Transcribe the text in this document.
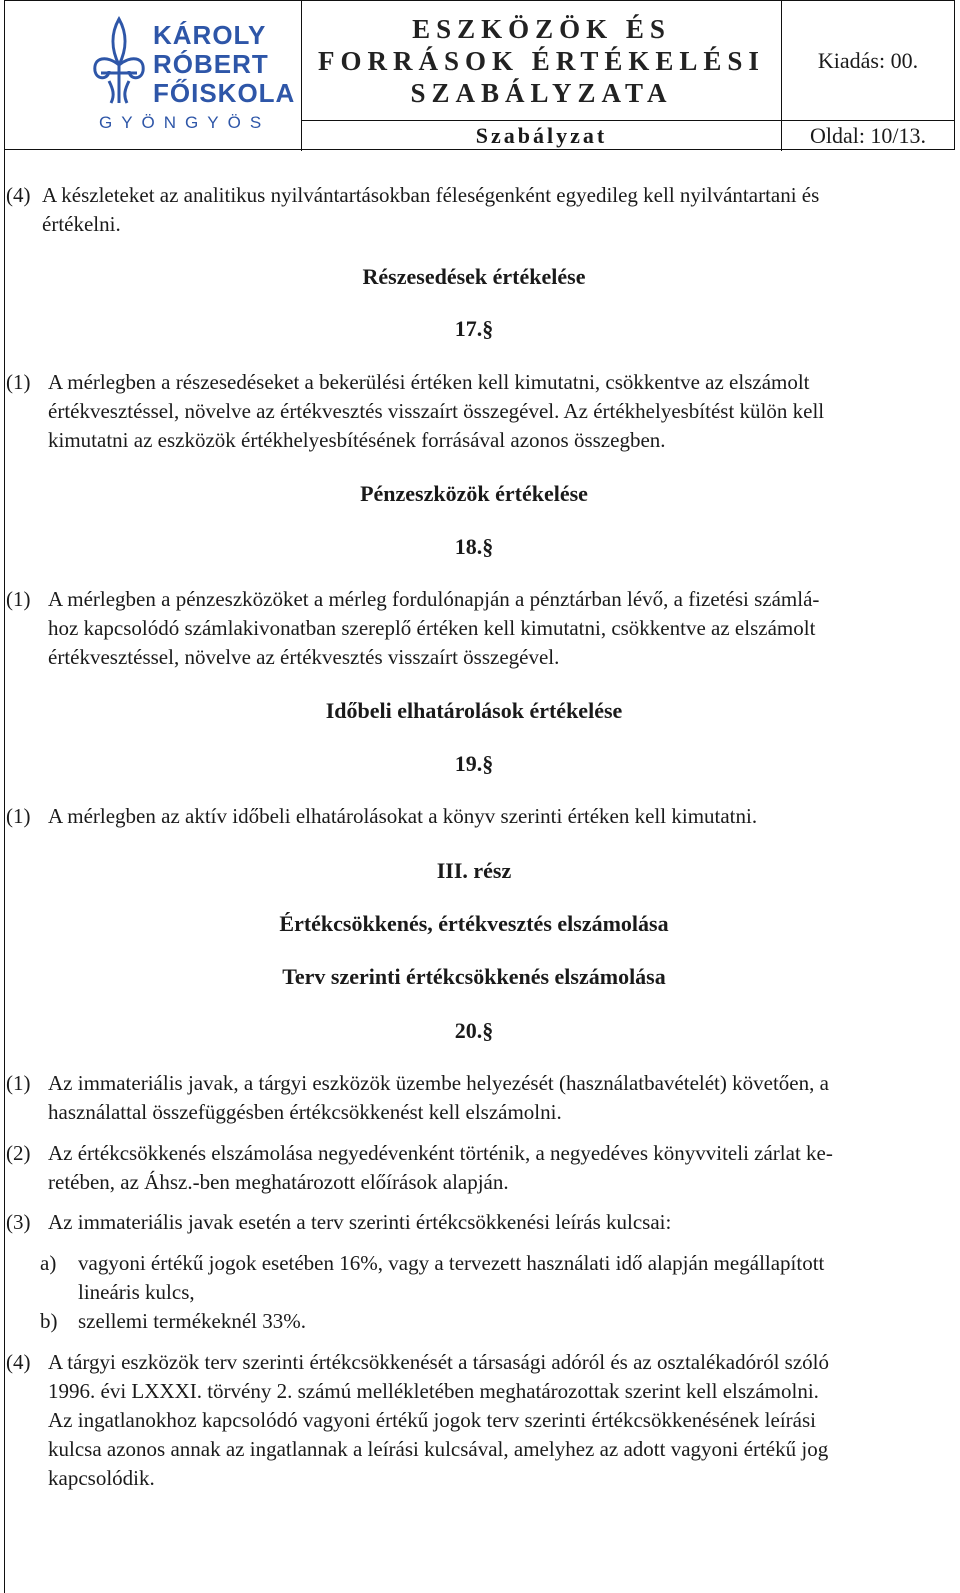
KÁROLY
RÓBERT
FŐISKOLA
GYÖNGYÖS
ESZKÖZÖK ÉS
FORRÁSOK ÉRTÉKELÉSI
SZABÁLYZATA
Kiadás: 00.
Szabályzat	Oldal: 10/13.
(4) A készleteket az analitikus nyilvántartásokban féleségenként egyedileg kell nyilvántartani és
értékelni.
Részesedések értékelése
17.§
(1) A mérlegben a részesedéseket a bekerülési értéken kell kimutatni, csökkentve az elszámolt
értékvesztéssel, növelve az értékvesztés visszaírt összegével. Az értékhelyesbítést külön kell
kimutatni az eszközök értékhelyesbítésének forrásával azonos összegben.
Pénzeszközök értékelése
18.§
(1) A mérlegben a pénzeszközöket a mérleg fordulónapján a pénztárban lévő, a fizetési számlá-
hoz kapcsolódó számlakivonatban szereplő értéken kell kimutatni, csökkentve az elszámolt
értékvesztéssel, növelve az értékvesztés visszaírt összegével.
Időbeli elhatárolások értékelése
19.§
(1) A mérlegben az aktív időbeli elhatárolásokat a könyv szerinti értéken kell kimutatni.
III. rész
Értékcsökkenés, értékvesztés elszámolása
Terv szerinti értékcsökkenés elszámolása
20.§
(1) Az immateriális javak, a tárgyi eszközök üzembe helyezését (használatbavételét) követően, a
használattal összefüggésben értékcsökkenést kell elszámolni.
(2) Az értékcsökkenés elszámolása negyedévenként történik, a negyedéves könyvviteli zárlat ke-
retében, az Áhsz.-ben meghatározott előírások alapján.
(3) Az immateriális javak esetén a terv szerinti értékcsökkenési leírás kulcsai:
a) vagyoni értékű jogok esetében 16%, vagy a tervezett használati idő alapján megállapított
lineáris kulcs,
b) szellemi termékeknél 33%.
(4) A tárgyi eszközök terv szerinti értékcsökkenését a társasági adóról és az osztalékadóról szóló
1996. évi LXXXI. törvény 2. számú mellékletében meghatározottak szerint kell elszámolni.
Az ingatlanokhoz kapcsolódó vagyoni értékű jogok terv szerinti értékcsökkenésének leírási
kulcsa azonos annak az ingatlannak a leírási kulcsával, amelyhez az adott vagyoni értékű jog
kapcsolódik.
